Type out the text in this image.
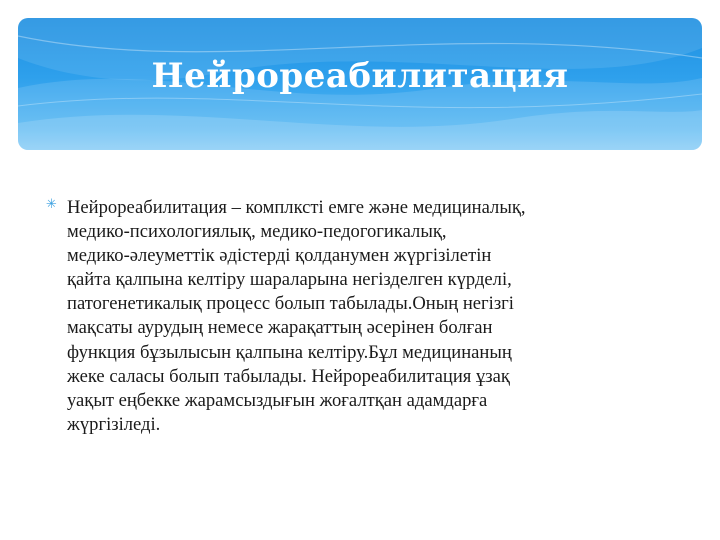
Нейрореабилитация
✳ Нейрореабилитация – комплксті емге және медициналық,
медико-психологиялық, медико-педогогикалық,
медико-әлеуметтік әдістерді қолданумен жүргізілетін
қайта қалпына келтіру шараларына негізделген күрделі,
патогенетикалық процесс болып табылады.Оның негізгі
мақсаты аурудың немесе жарақаттың әсерінен болған
функция бұзылысын қалпына келтіру.Бұл медицинаның
жеке саласы болып табылады. Нейрореабилитация ұзақ
уақыт еңбекке жарамсыздығын жоғалтқан адамдарға
жүргізіледі.
